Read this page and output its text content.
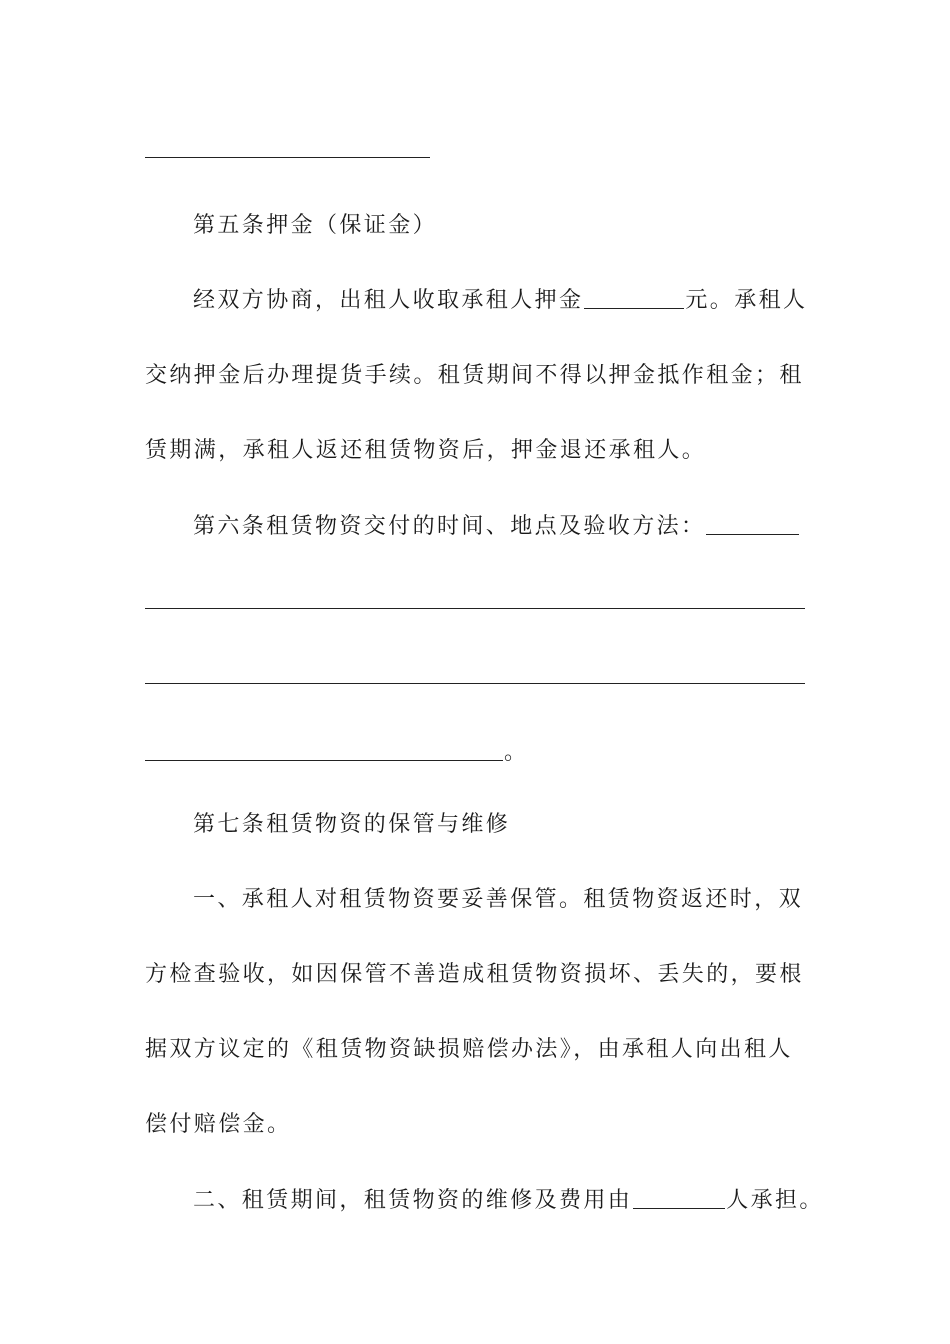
第五条押金（保证金）
经双方协商，出租人收取承租人押金	元。承租人
交纳押金后办理提货手续。租赁期间不得以押金抵作租金；租
赁期满，承租人返还租赁物资后，押金退还承租人。
第六条租赁物资交付的时间、地点及验收方法：
。
第七条租赁物资的保管与维修
一、承租人对租赁物资要妥善保管。租赁物资返还时，双
方检查验收，如因保管不善造成租赁物资损坏、丢失的，要根
据双方议定的《租赁物资缺损赔偿办法》，由承租人向出租人
偿付赔偿金。
二、租赁期间，租赁物资的维修及费用由	人承担。
